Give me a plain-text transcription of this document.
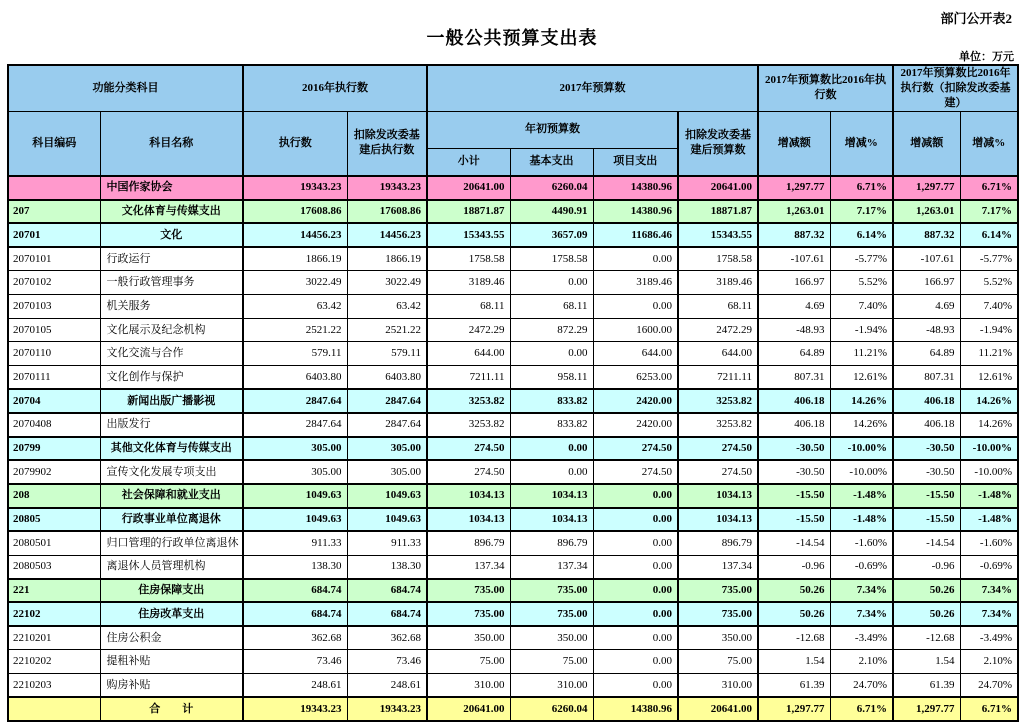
部门公开表2
一般公共预算支出表
单位：万元
功能分类科目		2016年执行数		2017年预算数				2017年预算数比2016年执行数		2017年预算数比2016年执行数（扣除发改委基建）	
科目编码	科目名称	执行数	扣除发改委基建后执行数	年初预算数			扣除发改委基建后预算数	增减额	增减%	增减额	增减%
				小计	基本支出	项目支出					
	中国作家协会	19343.23	19343.23	20641.00	6260.04	14380.96	20641.00	1,297.77	6.71%	1,297.77	6.71%
207	文化体育与传媒支出	17608.86	17608.86	18871.87	4490.91	14380.96	18871.87	1,263.01	7.17%	1,263.01	7.17%
20701	文化	14456.23	14456.23	15343.55	3657.09	11686.46	15343.55	887.32	6.14%	887.32	6.14%
2070101	行政运行	1866.19	1866.19	1758.58	1758.58	0.00	1758.58	-107.61	-5.77%	-107.61	-5.77%
2070102	一般行政管理事务	3022.49	3022.49	3189.46	0.00	3189.46	3189.46	166.97	5.52%	166.97	5.52%
2070103	机关服务	63.42	63.42	68.11	68.11	0.00	68.11	4.69	7.40%	4.69	7.40%
2070105	文化展示及纪念机构	2521.22	2521.22	2472.29	872.29	1600.00	2472.29	-48.93	-1.94%	-48.93	-1.94%
2070110	文化交流与合作	579.11	579.11	644.00	0.00	644.00	644.00	64.89	11.21%	64.89	11.21%
2070111	文化创作与保护	6403.80	6403.80	7211.11	958.11	6253.00	7211.11	807.31	12.61%	807.31	12.61%
20704	新闻出版广播影视	2847.64	2847.64	3253.82	833.82	2420.00	3253.82	406.18	14.26%	406.18	14.26%
2070408	出版发行	2847.64	2847.64	3253.82	833.82	2420.00	3253.82	406.18	14.26%	406.18	14.26%
20799	其他文化体育与传媒支出	305.00	305.00	274.50	0.00	274.50	274.50	-30.50	-10.00%	-30.50	-10.00%
2079902	宣传文化发展专项支出	305.00	305.00	274.50	0.00	274.50	274.50	-30.50	-10.00%	-30.50	-10.00%
208	社会保障和就业支出	1049.63	1049.63	1034.13	1034.13	0.00	1034.13	-15.50	-1.48%	-15.50	-1.48%
20805	行政事业单位离退休	1049.63	1049.63	1034.13	1034.13	0.00	1034.13	-15.50	-1.48%	-15.50	-1.48%
2080501	归口管理的行政单位离退休	911.33	911.33	896.79	896.79	0.00	896.79	-14.54	-1.60%	-14.54	-1.60%
2080503	离退休人员管理机构	138.30	138.30	137.34	137.34	0.00	137.34	-0.96	-0.69%	-0.96	-0.69%
221	住房保障支出	684.74	684.74	735.00	735.00	0.00	735.00	50.26	7.34%	50.26	7.34%
22102	住房改革支出	684.74	684.74	735.00	735.00	0.00	735.00	50.26	7.34%	50.26	7.34%
2210201	住房公积金	362.68	362.68	350.00	350.00	0.00	350.00	-12.68	-3.49%	-12.68	-3.49%
2210202	提租补贴	73.46	73.46	75.00	75.00	0.00	75.00	1.54	2.10%	1.54	2.10%
2210203	购房补贴	248.61	248.61	310.00	310.00	0.00	310.00	61.39	24.70%	61.39	24.70%
	合　　计	19343.23	19343.23	20641.00	6260.04	14380.96	20641.00	1,297.77	6.71%	1,297.77	6.71%
